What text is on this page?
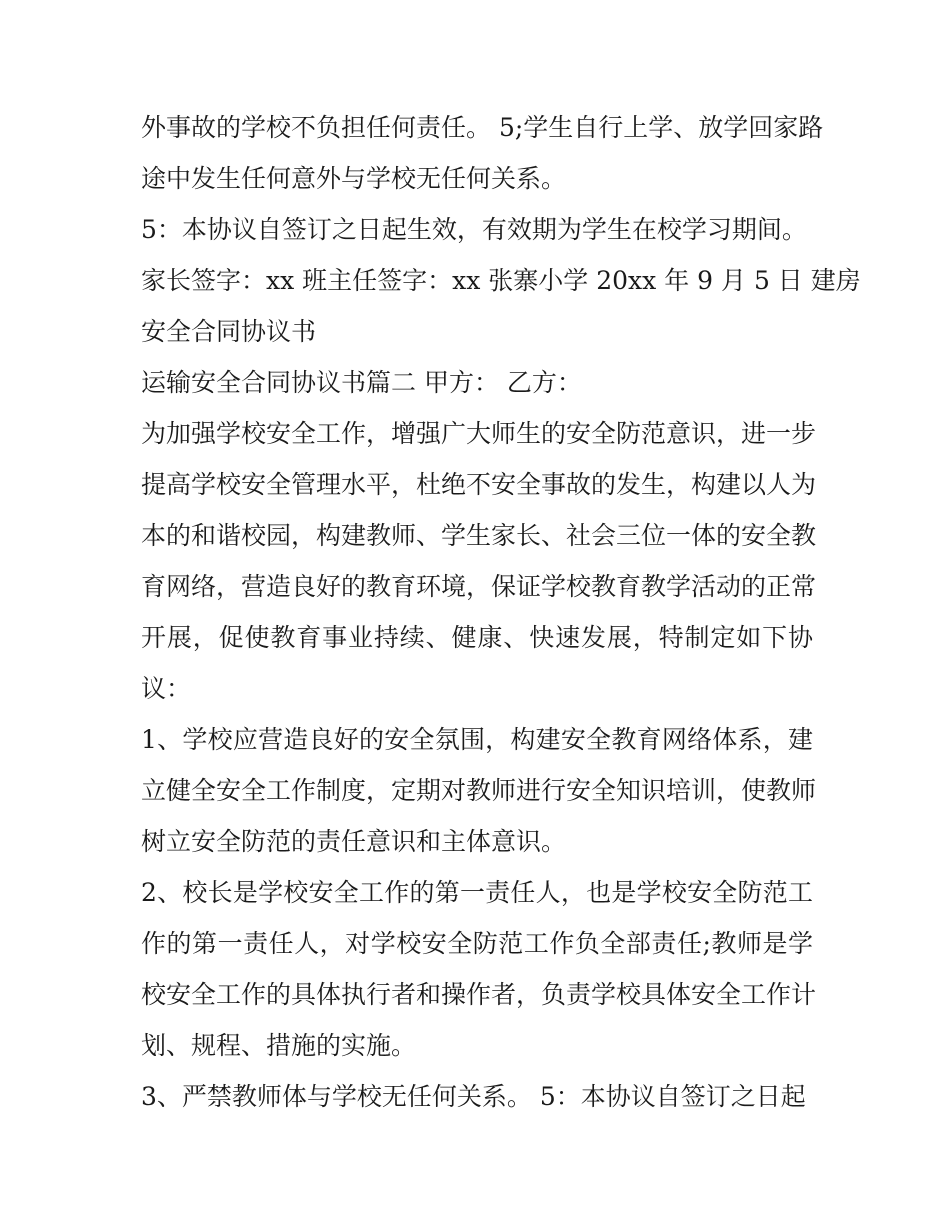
外事故的学校不负担任何责任。 5;学生自行上学、放学回家路
途中发生任何意外与学校无任何关系。
5：本协议自签订之日起生效，有效期为学生在校学习期间。
家长签字：xx 班主任签字：xx 张寨小学 20xx 年 9 月 5 日 建房
安全合同协议书
运输安全合同协议书篇二 甲方： 乙方：
为加强学校安全工作，增强广大师生的安全防范意识，进一步
提高学校安全管理水平，杜绝不安全事故的发生，构建以人为
本的和谐校园，构建教师、学生家长、社会三位一体的安全教
育网络，营造良好的教育环境，保证学校教育教学活动的正常
开展，促使教育事业持续、健康、快速发展，特制定如下协
议：
1、学校应营造良好的安全氛围，构建安全教育网络体系，建
立健全安全工作制度，定期对教师进行安全知识培训，使教师
树立安全防范的责任意识和主体意识。
2、校长是学校安全工作的第一责任人，也是学校安全防范工
作的第一责任人，对学校安全防范工作负全部责任;教师是学
校安全工作的具体执行者和操作者，负责学校具体安全工作计
划、规程、措施的实施。
3、严禁教师体与学校无任何关系。 5：本协议自签订之日起
